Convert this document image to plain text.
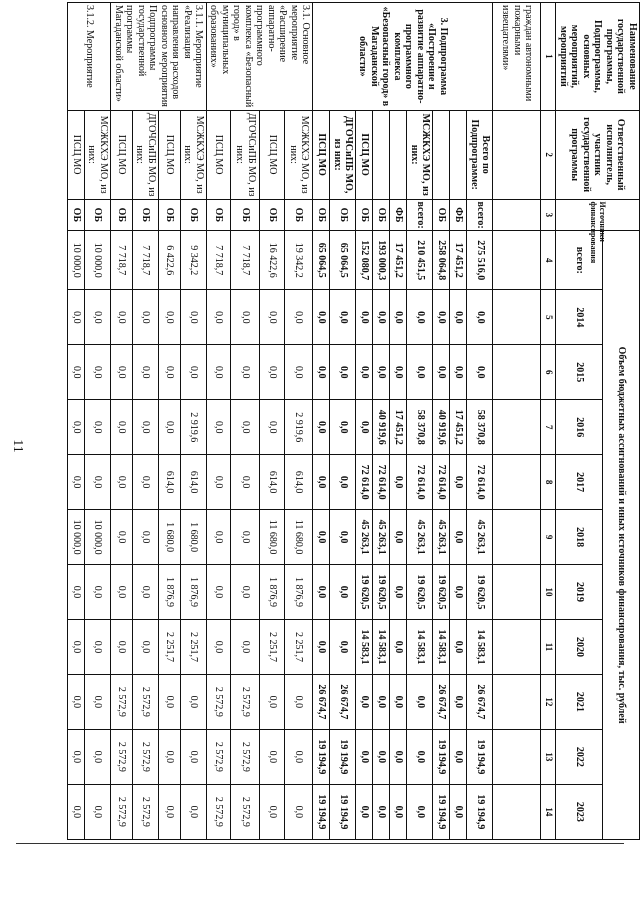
11
Наименование государственной программы, Подпрограммы, основных мероприятий, мероприятий	Ответственный исполнитель, участник государственной программы	Источники финансирования	Объем бюджетных ассигнований и иных источников финансирования, тыс. рублей										
			всего:	2014	2015	2016	2017	2018	2019	2020	2021	2022	2023
1	2	3	4	5	6	7	8	9	10	11	12	13	14
граждан автономными пожарными извещателями»													
3. Подпрограмма «Построение и развитие аппаратно-программного комплекса «Безопасный город» в Магаданской области»	Всего по Подпрограмме:	всего:	275 516,0	0,0	0,0	58 370,8	72 614,0	45 263,1	19 620,5	14 583,1	26 674,7	19 194,9	19 194,9
		ФБ	17 451,2	0,0	0,0	17 451,2	0,0	0,0	0,0	0,0	0,0	0,0	0,0
		ОБ	258 064,8	0,0	0,0	40 919,6	72 614,0	45 263,1	19 620,5	14 583,1	26 674,7	19 194,9	19 194,9
	МСЖКХЭ МО, из них:	всего:	210 451,5	0,0	0,0	58 370,8	72 614,0	45 263,1	19 620,5	14 583,1	0,0	0,0	0,0
		ФБ	17 451,2	0,0	0,0	17 451,2	0,0	0,0	0,0	0,0	0,0	0,0	0,0
		ОБ	193 000,3	0,0	0,0	40 919,6	72 614,0	45 263,1	19 620,5	14 583,1	0,0	0,0	0,0
	ПСЦ МО	ОБ	152 080,7	0,0	0,0	0,0	72 614,0	45 263,1	19 620,5	14 583,1	0,0	0,0	0,0
	ДГОЧСиПБ МО, из них:	ОБ	65 064,5	0,0	0,0	0,0	0,0	0,0	0,0	0,0	26 674,7	19 194,9	19 194,9
	ПСЦ МО	ОБ	65 064,5	0,0	0,0	0,0	0,0	0,0	0,0	0,0	26 674,7	19 194,9	19 194,9
3.1. Основное мероприятие «Расширение аппаратно-программного комплекса «Безопасный город» в муниципальных образованиях»	МСЖКХЭ МО, из них:	ОБ	19 342,2	0,0	0,0	2 919,6	614,0	11 680,0	1 876,9	2 251,7	0,0	0,0	0,0
	ПСЦ МО	ОБ	16 422,6	0,0	0,0	0,0	614,0	11 680,0	1 876,9	2 251,7	0,0	0,0	0,0
	ДГОЧСиПБ МО, из них:	ОБ	7 718,7	0,0	0,0	0,0	0,0	0,0	0,0	0,0	2 572,9	2 572,9	2 572,9
	ПСЦ МО	ОБ	7 718,7	0,0	0,0	0,0	0,0	0,0	0,0	0,0	2 572,9	2 572,9	2 572,9
3.1.1. Мероприятие «Реализация направления расходов основного мероприятия Подпрограммы государственной программы Магаданской области»	МСЖКХЭ МО, из них:	ОБ	9 342,2	0,0	0,0	2 919,6	614,0	1 680,0	1 876,9	2 251,7	0,0	0,0	0,0
	ПСЦ МО	ОБ	6 422,6	0,0	0,0	0,0	614,0	1 680,0	1 876,9	2 251,7	0,0	0,0	0,0
	ДГОЧСиПБ МО, из них:	ОБ	7 718,7	0,0	0,0	0,0	0,0	0,0	0,0	0,0	2 572,9	2 572,9	2 572,9
	ПСЦ МО	ОБ	7 718,7	0,0	0,0	0,0	0,0	0,0	0,0	0,0	2 572,9	2 572,9	2 572,9
3.1.2. Мероприятие	МСЖКХЭ МО, из них:	ОБ	10 000,0	0,0	0,0	0,0	0,0	10 000,0	0,0	0,0	0,0	0,0	0,0
	ПСЦ МО	ОБ	10 000,0	0,0	0,0	0,0	0,0	10 000,0	0,0	0,0	0,0	0,0	0,0
